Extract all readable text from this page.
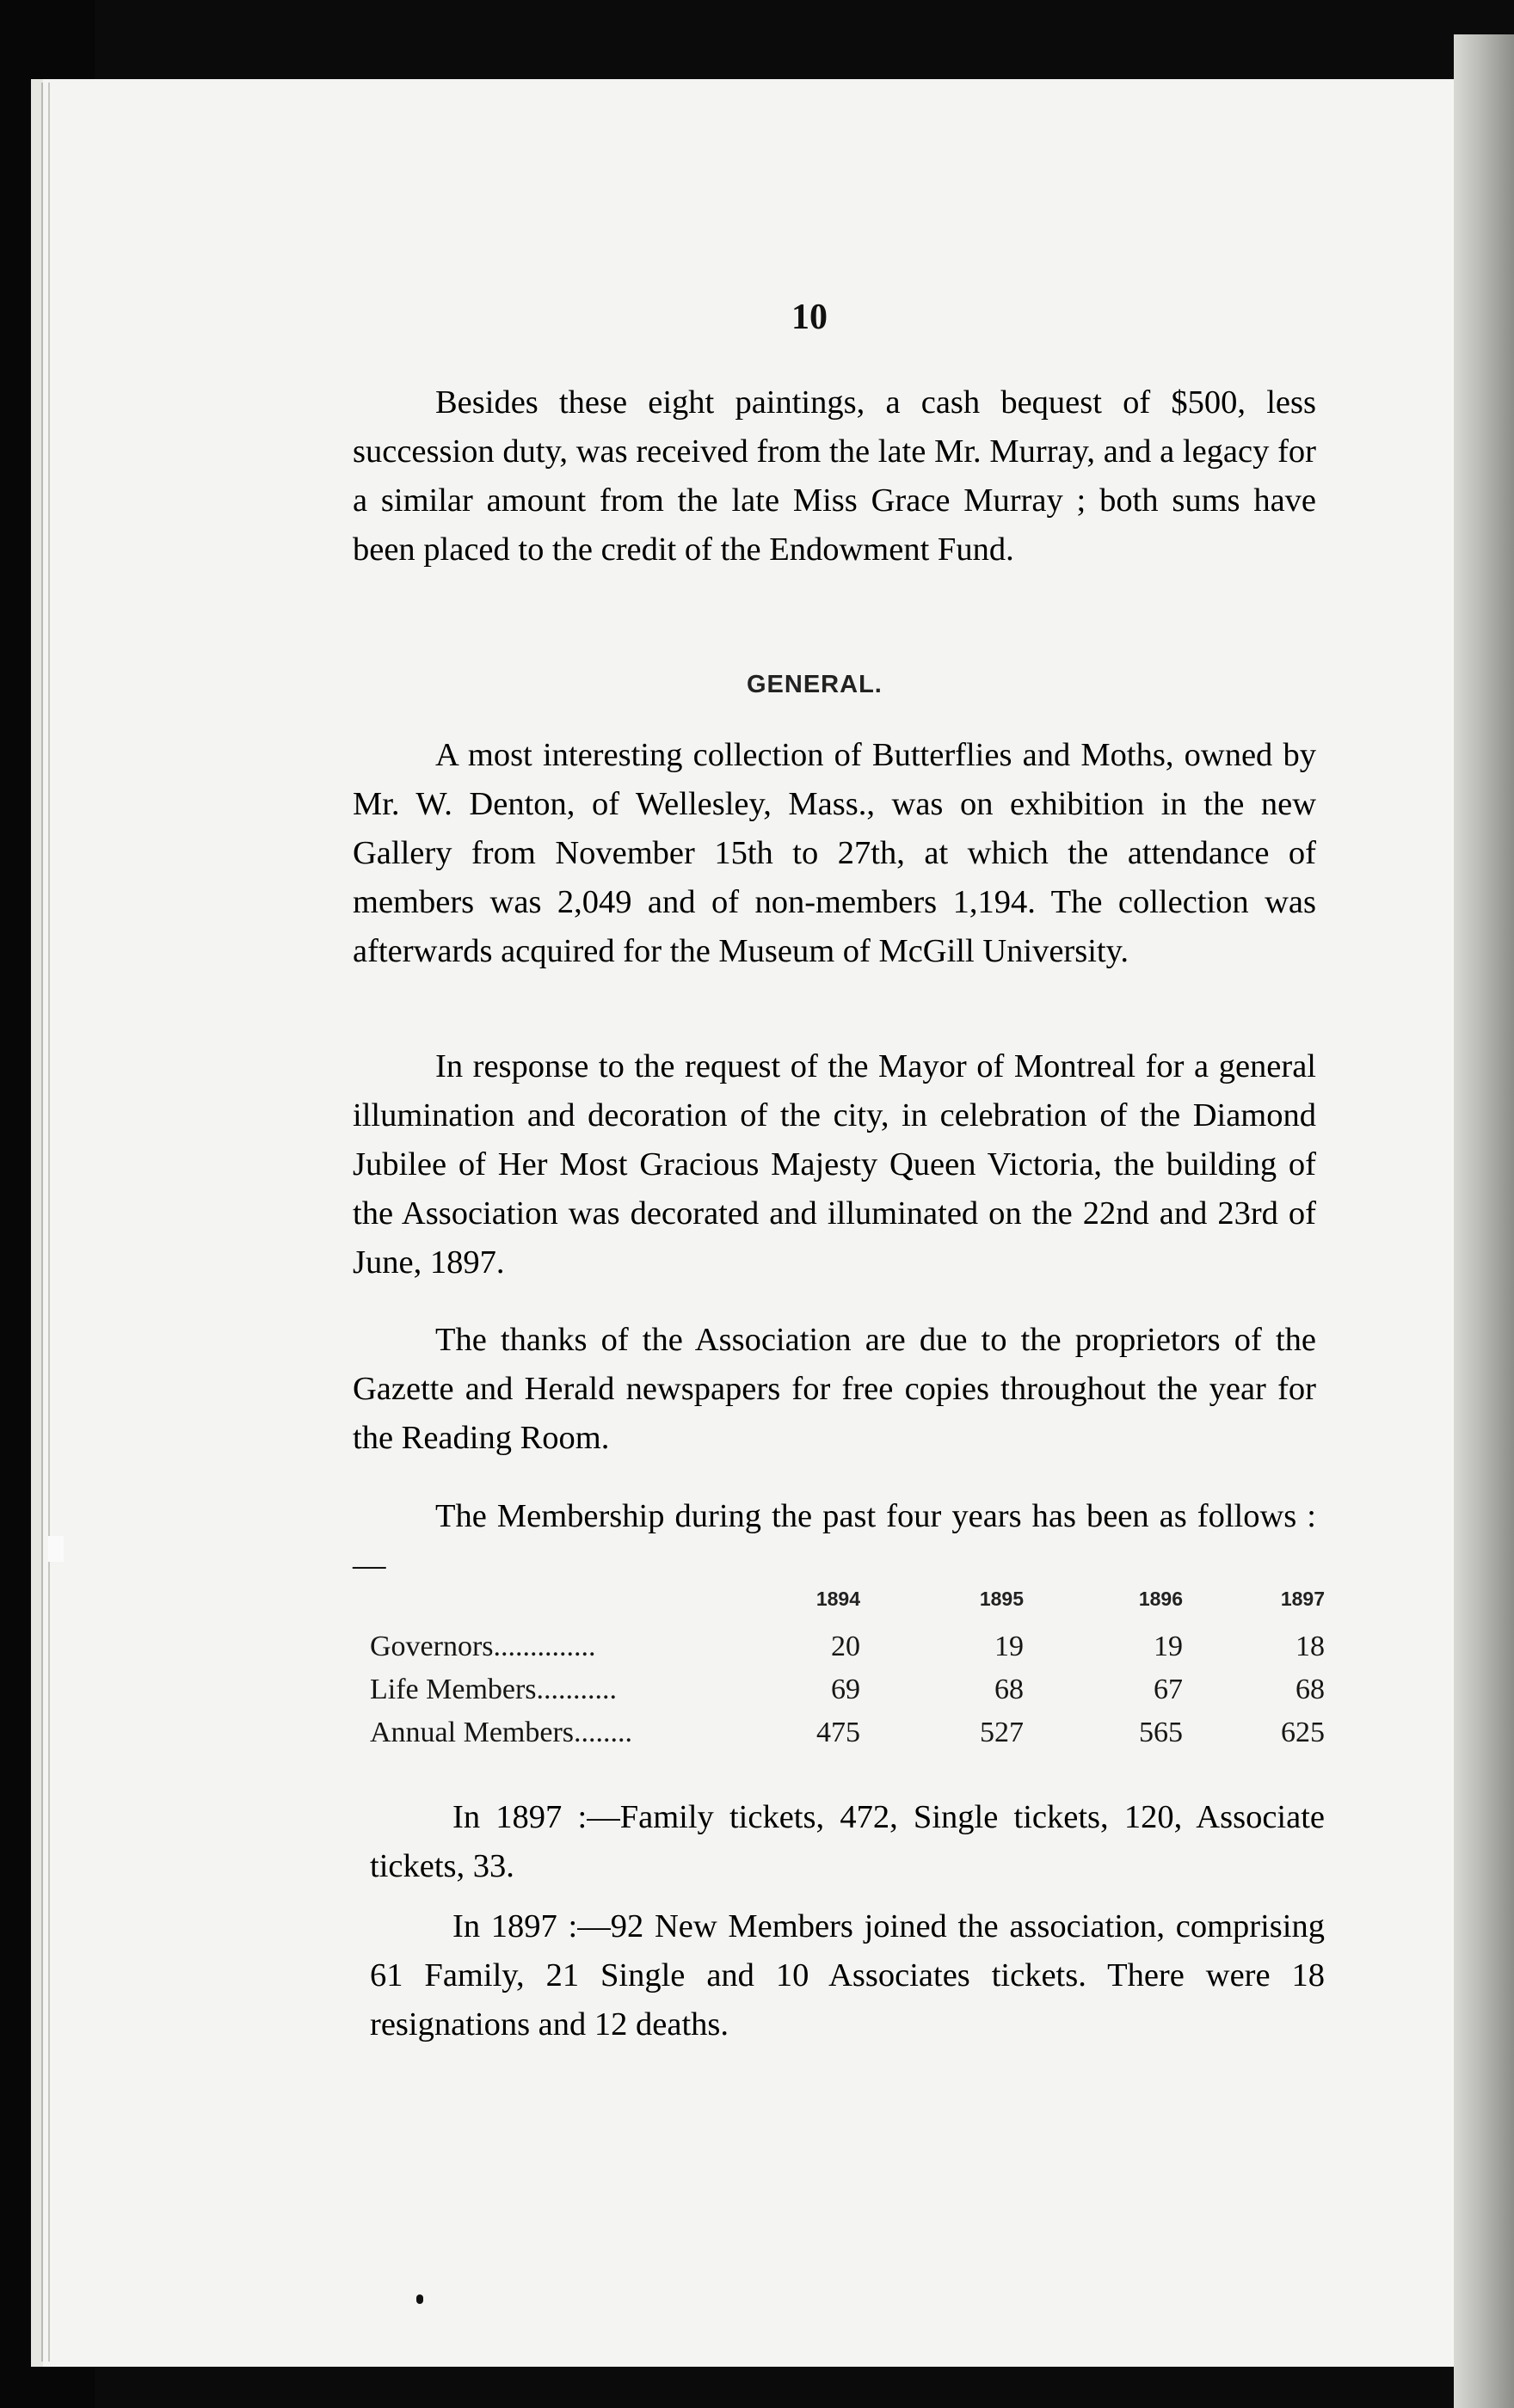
10

Besides these eight paintings, a cash bequest of $500, less succession duty, was received from the late Mr. Murray, and a legacy for a similar amount from the late Miss Grace Murray ; both sums have been placed to the credit of the Endowment Fund.

GENERAL.

A most interesting collection of Butterflies and Moths, owned by Mr. W. Denton, of Wellesley, Mass., was on exhibition in the new Gallery from November 15th to 27th, at which the attendance of members was 2,049 and of non-members 1,194. The collection was afterwards acquired for the Museum of McGill University.

In response to the request of the Mayor of Montreal for a general illumination and decoration of the city, in celebration of the Diamond Jubilee of Her Most Gracious Majesty Queen Victoria, the building of the Association was decorated and illuminated on the 22nd and 23rd of June, 1897.

The thanks of the Association are due to the proprietors of the Gazette and Herald newspapers for free copies throughout the year for the Reading Room.

The Membership during the past four years has been as follows :—

1894	1895	1896	1897
Governors..............	20	19	19	18
Life Members...........	69	68	67	68
Annual Members........	475	527	565	625

In 1897 :—Family tickets, 472, Single tickets, 120, Associate tickets, 33.

In 1897 :—92 New Members joined the association, comprising 61 Family, 21 Single and 10 Associates tickets. There were 18 resignations and 12 deaths.
